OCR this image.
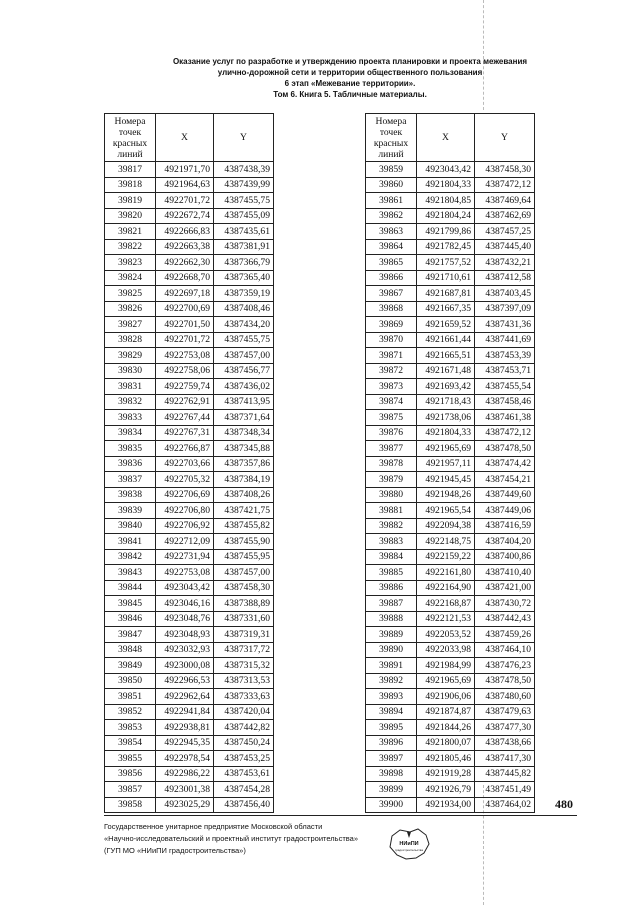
Оказание услуг по разработке и утверждению проекта планировки и проекта межевания
улично-дорожной сети и территории общественного пользования
6 этап «Межевание территории».
Том 6. Книга 5. Табличные материалы.
Номера точек красных линий	X	Y
39817	4921971,70	4387438,39
39818	4921964,63	4387439,99
39819	4922701,72	4387455,75
39820	4922672,74	4387455,09
39821	4922666,83	4387435,61
39822	4922663,38	4387381,91
39823	4922662,30	4387366,79
39824	4922668,70	4387365,40
39825	4922697,18	4387359,19
39826	4922700,69	4387408,46
39827	4922701,50	4387434,20
39828	4922701,72	4387455,75
39829	4922753,08	4387457,00
39830	4922758,06	4387456,77
39831	4922759,74	4387436,02
39832	4922762,91	4387413,95
39833	4922767,44	4387371,64
39834	4922767,31	4387348,34
39835	4922766,87	4387345,88
39836	4922703,66	4387357,86
39837	4922705,32	4387384,19
39838	4922706,69	4387408,26
39839	4922706,80	4387421,75
39840	4922706,92	4387455,82
39841	4922712,09	4387455,90
39842	4922731,94	4387455,95
39843	4922753,08	4387457,00
39844	4923043,42	4387458,30
39845	4923046,16	4387388,89
39846	4923048,76	4387331,60
39847	4923048,93	4387319,31
39848	4923032,93	4387317,72
39849	4923000,08	4387315,32
39850	4922966,53	4387313,53
39851	4922962,64	4387333,63
39852	4922941,84	4387420,04
39853	4922938,81	4387442,82
39854	4922945,35	4387450,24
39855	4922978,54	4387453,25
39856	4922986,22	4387453,61
39857	4923001,38	4387454,28
39858	4923025,29	4387456,40
Номера точек красных линий	X	Y
39859	4923043,42	4387458,30
39860	4921804,33	4387472,12
39861	4921804,85	4387469,64
39862	4921804,24	4387462,69
39863	4921799,86	4387457,25
39864	4921782,45	4387445,40
39865	4921757,52	4387432,21
39866	4921710,61	4387412,58
39867	4921687,81	4387403,45
39868	4921667,35	4387397,09
39869	4921659,52	4387431,36
39870	4921661,44	4387441,69
39871	4921665,51	4387453,39
39872	4921671,48	4387453,71
39873	4921693,42	4387455,54
39874	4921718,43	4387458,46
39875	4921738,06	4387461,38
39876	4921804,33	4387472,12
39877	4921965,69	4387478,50
39878	4921957,11	4387474,42
39879	4921945,45	4387454,21
39880	4921948,26	4387449,60
39881	4921965,54	4387449,06
39882	4922094,38	4387416,59
39883	4922148,75	4387404,20
39884	4922159,22	4387400,86
39885	4922161,80	4387410,40
39886	4922164,90	4387421,00
39887	4922168,87	4387430,72
39888	4922121,53	4387442,43
39889	4922053,52	4387459,26
39890	4922033,98	4387464,10
39891	4921984,99	4387476,23
39892	4921965,69	4387478,50
39893	4921906,06	4387480,60
39894	4921874,87	4387479,63
39895	4921844,26	4387477,30
39896	4921800,07	4387438,66
39897	4921805,46	4387417,30
39898	4921919,28	4387445,82
39899	4921926,79	4387451,49
39900	4921934,00	4387464,02 480
Государственное унитарное предприятие Московской области
«Научно-исследовательский и проектный институт градостроительства»
(ГУП МО «НИиПИ градостроительства»)
НИиПИ
градостроительства
